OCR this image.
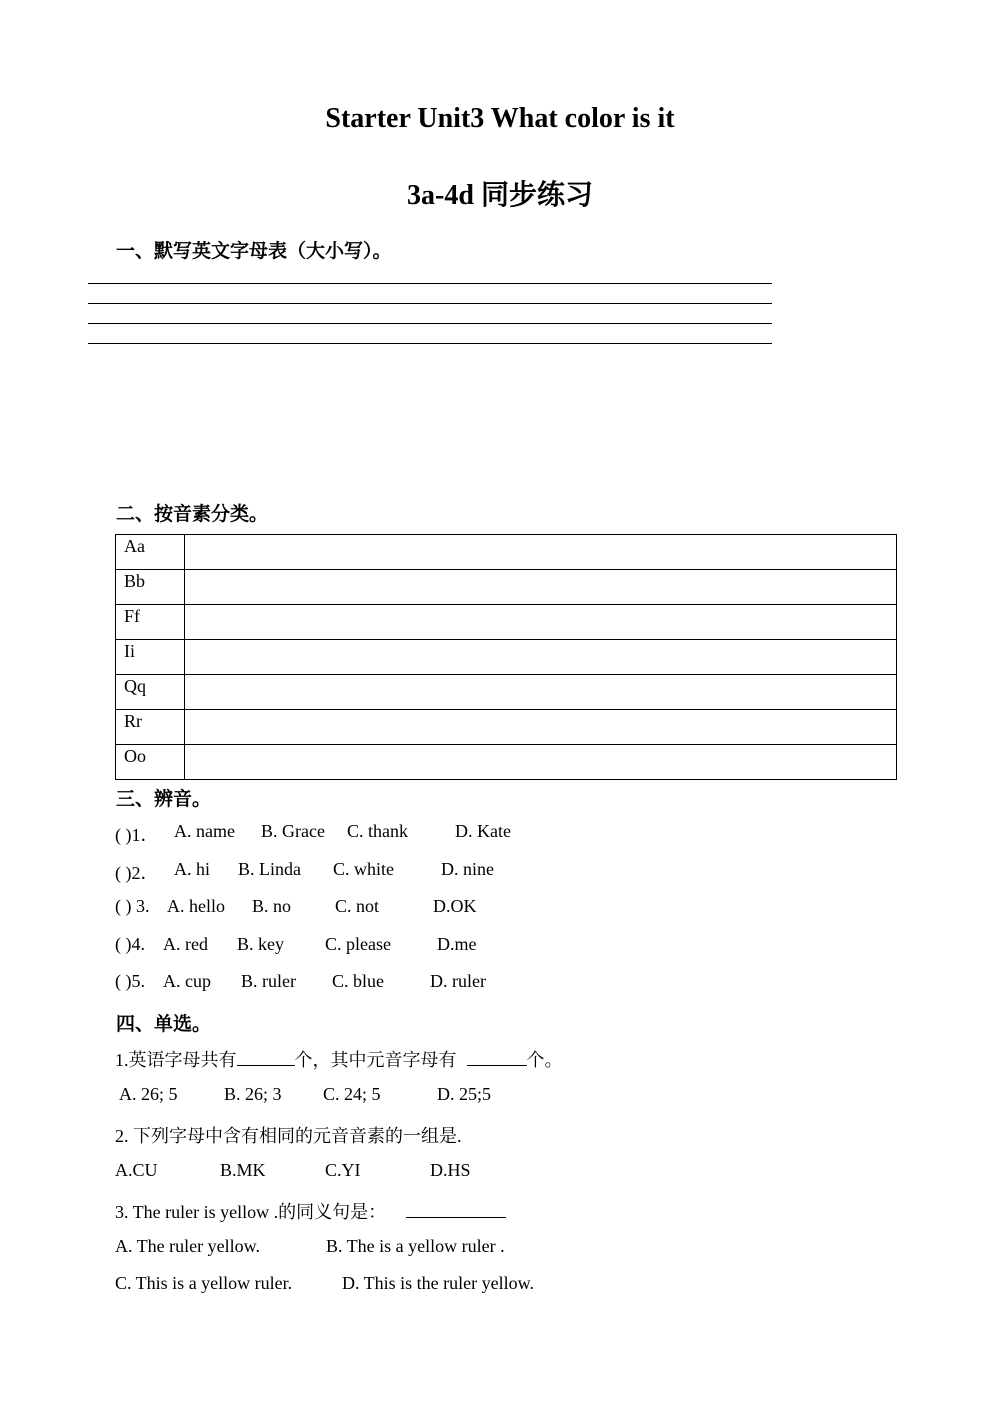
Starter Unit3 What color is it
3a-4d 同步练习
一、默写英文字母表（大小写）。
二、按音素分类。
Aa	
Bb	
Ff	
Ii	
Qq	
Rr	
Oo	
三、辨音。
( )1． A. name B. Grace C. thank	D. Kate
( )2． A. hi B. Linda C. white	D. nine
( ) 3. A. hello B. no C. not	D.OK
( )4. A. red B. key C. please	D.me
( )5. A. cup B. ruler C. blue	D. ruler
四、单选。
1.英语字母共有	个，其中元音字母有	个。
A. 26; 5	B. 26; 3 C. 24; 5	D. 25;5
2. 下列字母中含有相同的元音音素的一组是.
A.CU	B.MK	C.YI	D.HS
3. The ruler is yellow .的同义句是：
A. The ruler yellow.	B. The is a yellow ruler .
C. This is a yellow ruler.	D. This is the ruler yellow.
